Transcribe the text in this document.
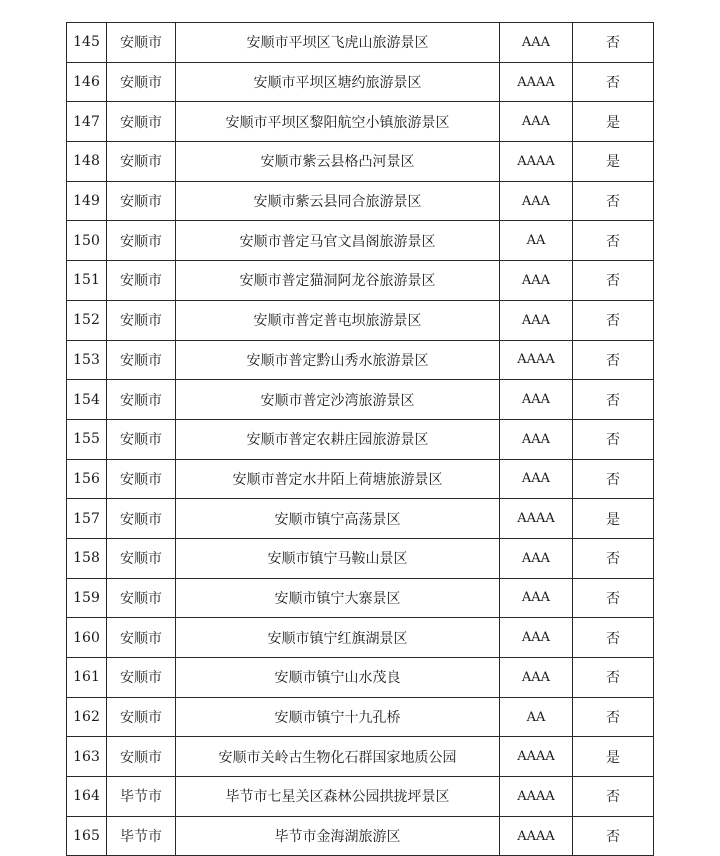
145	安顺市	安顺市平坝区飞虎山旅游景区	AAA	否
146	安顺市	安顺市平坝区塘约旅游景区	AAAA	否
147	安顺市	安顺市平坝区黎阳航空小镇旅游景区	AAA	是
148	安顺市	安顺市紫云县格凸河景区	AAAA	是
149	安顺市	安顺市紫云县同合旅游景区	AAA	否
150	安顺市	安顺市普定马官文昌阁旅游景区	AA	否
151	安顺市	安顺市普定猫洞阿龙谷旅游景区	AAA	否
152	安顺市	安顺市普定普屯坝旅游景区	AAA	否
153	安顺市	安顺市普定黔山秀水旅游景区	AAAA	否
154	安顺市	安顺市普定沙湾旅游景区	AAA	否
155	安顺市	安顺市普定农耕庄园旅游景区	AAA	否
156	安顺市	安顺市普定水井陌上荷塘旅游景区	AAA	否
157	安顺市	安顺市镇宁高荡景区	AAAA	是
158	安顺市	安顺市镇宁马鞍山景区	AAA	否
159	安顺市	安顺市镇宁大寨景区	AAA	否
160	安顺市	安顺市镇宁红旗湖景区	AAA	否
161	安顺市	安顺市镇宁山水茂良	AAA	否
162	安顺市	安顺市镇宁十九孔桥	AA	否
163	安顺市	安顺市关岭古生物化石群国家地质公园	AAAA	是
164	毕节市	毕节市七星关区森林公园拱拢坪景区	AAAA	否
165	毕节市	毕节市金海湖旅游区	AAAA	否
